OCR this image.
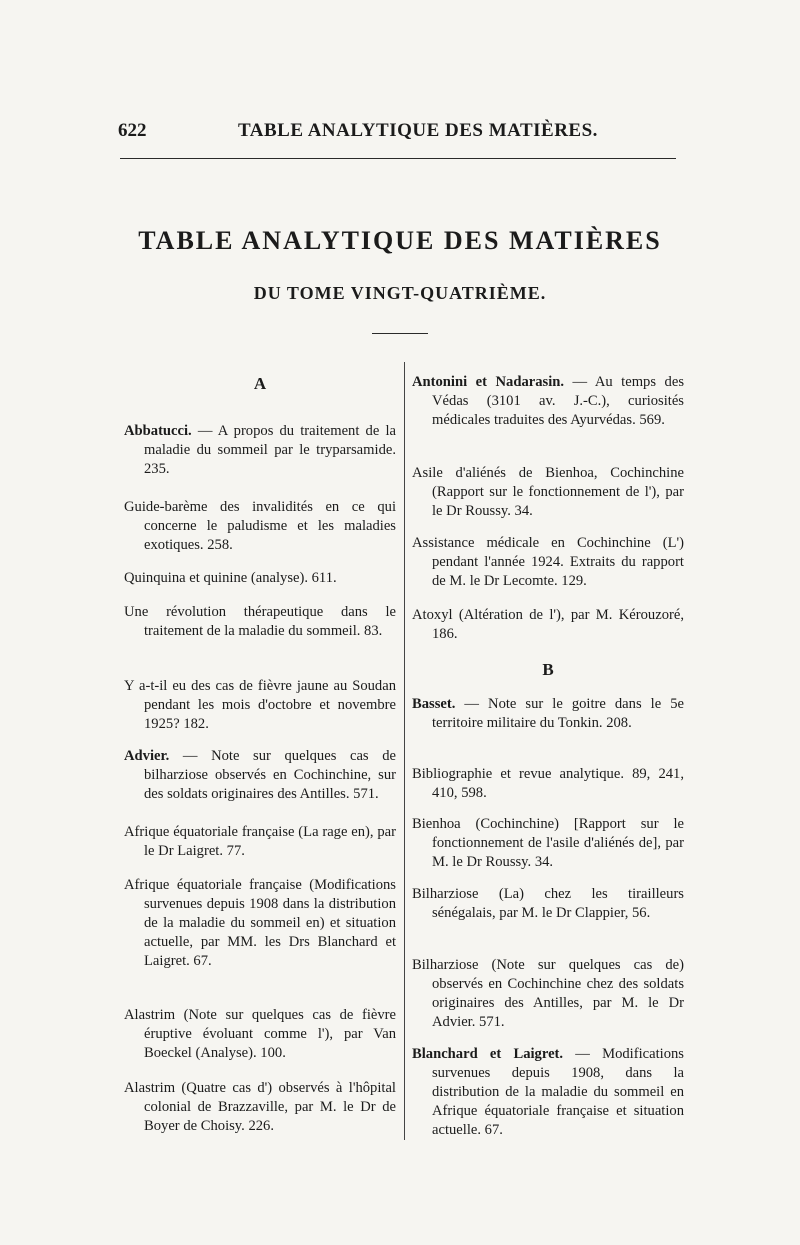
622	TABLE ANALYTIQUE DES MATIÈRES.
TABLE ANALYTIQUE DES MATIÈRES
DU TOME VINGT-QUATRIÈME.
A
Abbatucci. — A propos du traitement de la maladie du sommeil par le tryparsamide. 235.
Guide-barème des invalidités en ce qui concerne le paludisme et les maladies exotiques. 258.
Quinquina et quinine (analyse). 611.
Une révolution thérapeutique dans le traitement de la maladie du sommeil. 83.
Y a-t-il eu des cas de fièvre jaune au Soudan pendant les mois d'octobre et novembre 1925? 182.
Advier. — Note sur quelques cas de bilharziose observés en Cochinchine, sur des soldats originaires des Antilles. 571.
Afrique équatoriale française (La rage en), par le Dr Laigret. 77.
Afrique équatoriale française (Modifications survenues depuis 1908 dans la distribution de la maladie du sommeil en) et situation actuelle, par MM. les Drs Blanchard et Laigret. 67.
Alastrim (Note sur quelques cas de fièvre éruptive évoluant comme l'), par Van Boeckel (Analyse). 100.
Alastrim (Quatre cas d') observés à l'hôpital colonial de Brazzaville, par M. le Dr de Boyer de Choisy. 226.
Antonini et Nadarasin. — Au temps des Védas (3101 av. J.-C.), curiosités médicales traduites des Ayurvédas. 569.
Asile d'aliénés de Bienhoa, Cochinchine (Rapport sur le fonctionnement de l'), par le Dr Roussy. 34.
Assistance médicale en Cochinchine (L') pendant l'année 1924. Extraits du rapport de M. le Dr Lecomte. 129.
Atoxyl (Altération de l'), par M. Kérouzoré, 186.
B
Basset. — Note sur le goitre dans le 5e territoire militaire du Tonkin. 208.
Bibliographie et revue analytique. 89, 241, 410, 598.
Bienhoa (Cochinchine) [Rapport sur le fonctionnement de l'asile d'aliénés de], par M. le Dr Roussy. 34.
Bilharziose (La) chez les tirailleurs sénégalais, par M. le Dr Clappier, 56.
Bilharziose (Note sur quelques cas de) observés en Cochinchine chez des soldats originaires des Antilles, par M. le Dr Advier. 571.
Blanchard et Laigret. — Modifications survenues depuis 1908, dans la distribution de la maladie du sommeil en Afrique équatoriale française et situation actuelle. 67.
